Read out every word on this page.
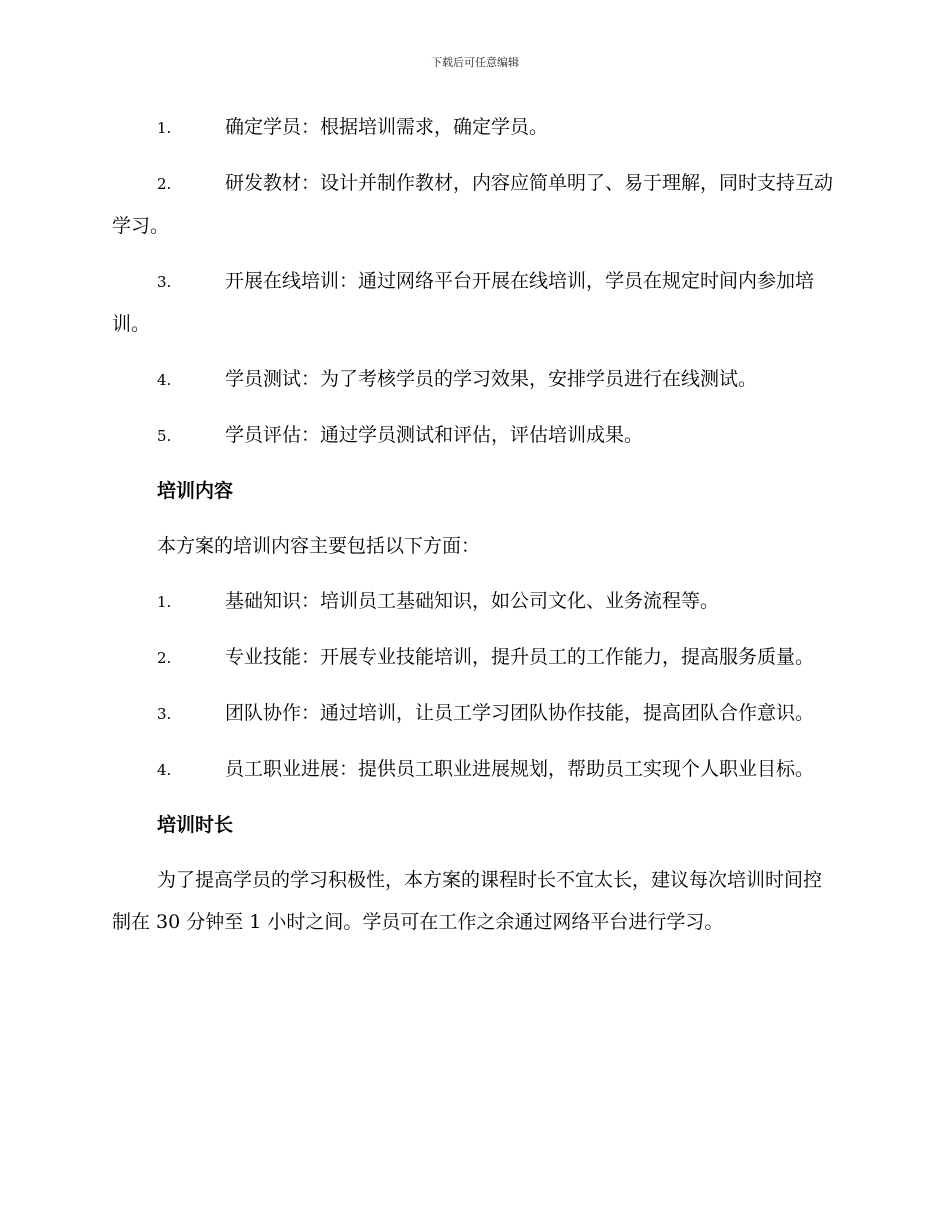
下载后可任意编辑
1.	确定学员：根据培训需求，确定学员。
2.	研发教材：设计并制作教材，内容应简单明了、易于理解，同时支持互动学习。
3.	开展在线培训：通过网络平台开展在线培训，学员在规定时间内参加培训。
4.	学员测试：为了考核学员的学习效果，安排学员进行在线测试。
5.	学员评估：通过学员测试和评估，评估培训成果。
培训内容
本方案的培训内容主要包括以下方面：
1.	基础知识：培训员工基础知识，如公司文化、业务流程等。
2.	专业技能：开展专业技能培训，提升员工的工作能力，提高服务质量。
3.	团队协作：通过培训，让员工学习团队协作技能，提高团队合作意识。
4.	员工职业进展：提供员工职业进展规划，帮助员工实现个人职业目标。
培训时长
为了提高学员的学习积极性，本方案的课程时长不宜太长，建议每次培训时间控制在 30 分钟至 1 小时之间。学员可在工作之余通过网络平台进行学习。
